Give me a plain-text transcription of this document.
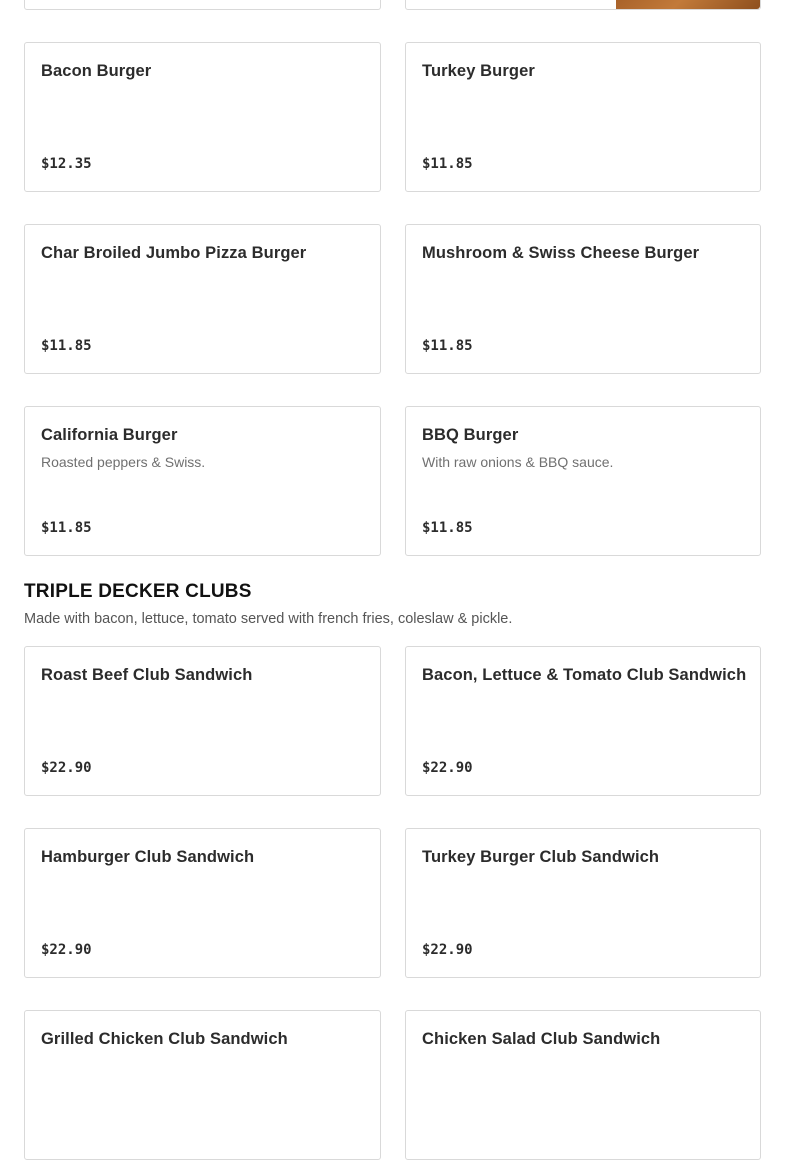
Bacon Burger
$12.35
Turkey Burger
$11.85
Char Broiled Jumbo Pizza Burger
$11.85
Mushroom & Swiss Cheese Burger
$11.85
California Burger
Roasted peppers & Swiss.
$11.85
BBQ Burger
With raw onions & BBQ sauce.
$11.85
TRIPLE DECKER CLUBS
Made with bacon, lettuce, tomato served with french fries, coleslaw & pickle.
Roast Beef Club Sandwich
$22.90
Bacon, Lettuce & Tomato Club Sandwich
$22.90
Hamburger Club Sandwich
$22.90
Turkey Burger Club Sandwich
$22.90
Grilled Chicken Club Sandwich	Chicken Salad Club Sandwich
